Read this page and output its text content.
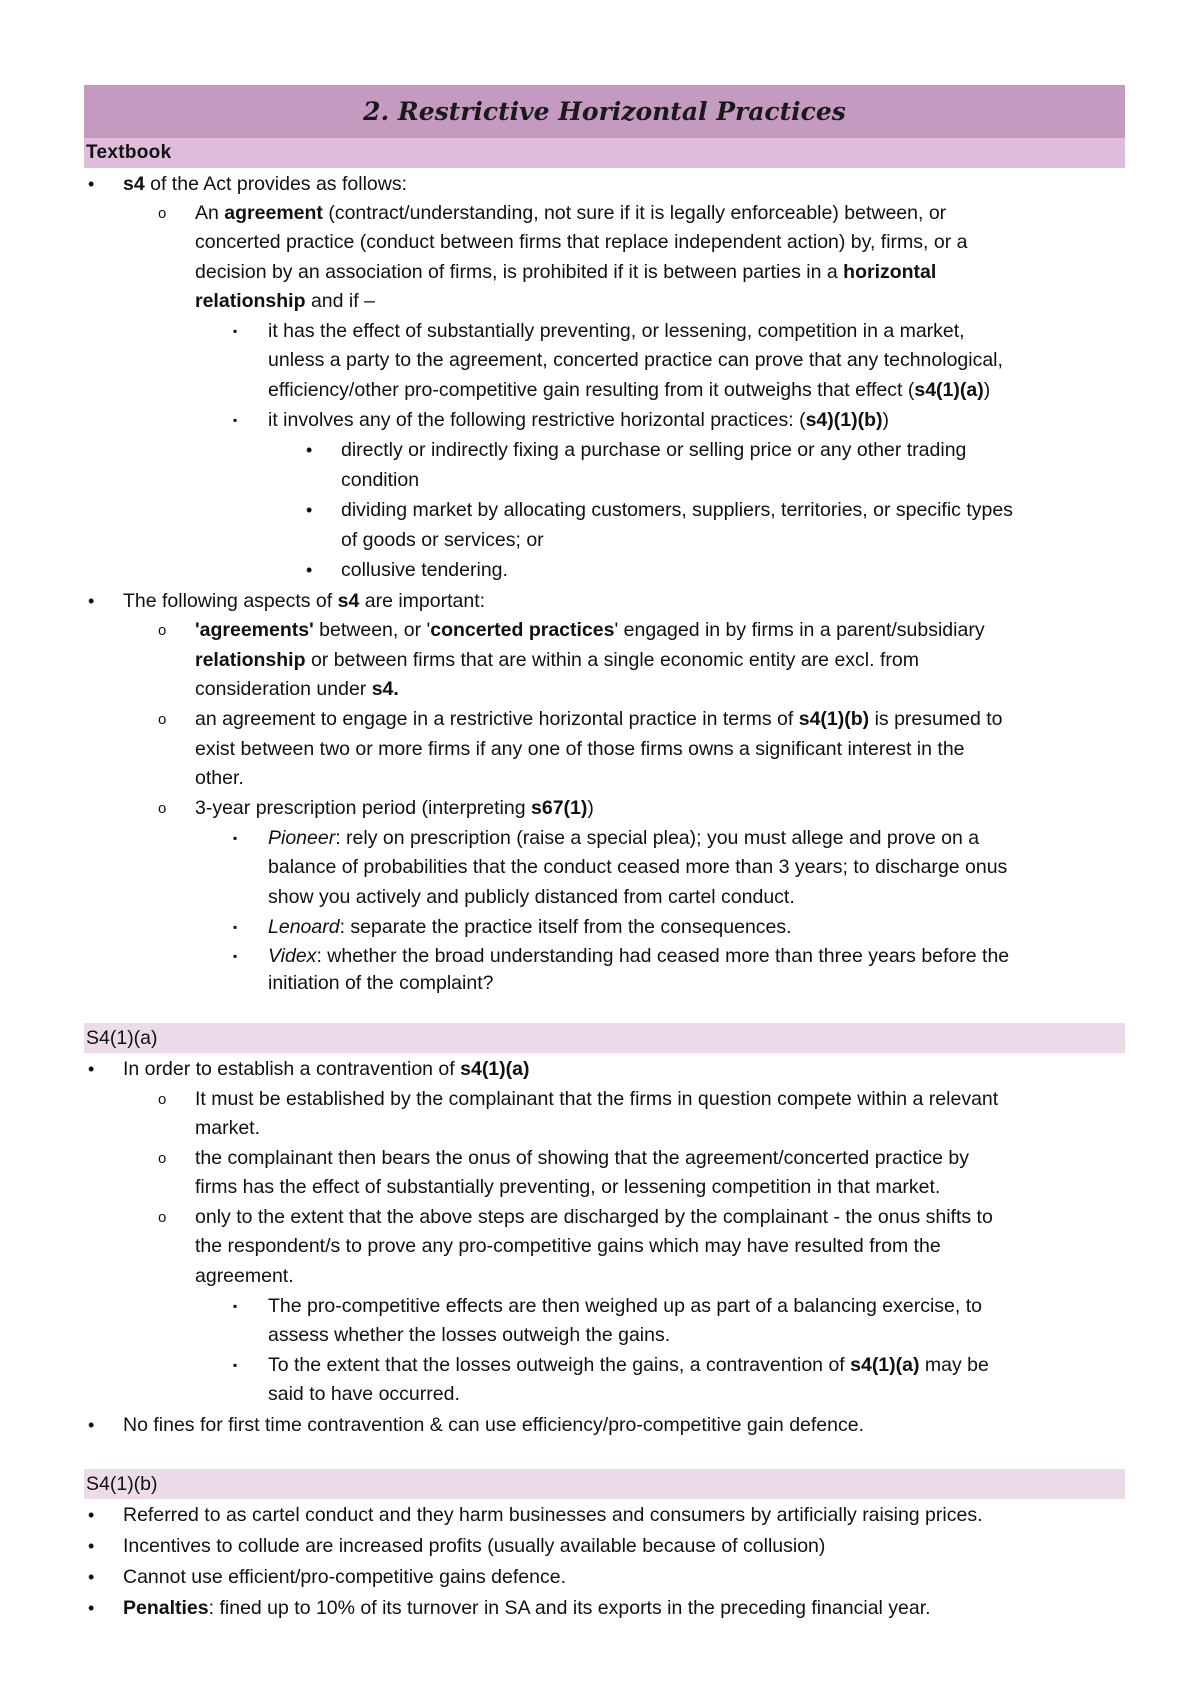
2. Restrictive Horizontal Practices
Textbook
• s4 of the Act provides as follows:
o An agreement (contract/understanding, not sure if it is legally enforceable) between, or
concerted practice (conduct between firms that replace independent action) by, firms, or a
decision by an association of firms, is prohibited if it is between parties in a horizontal
relationship and if –
▪ it has the effect of substantially preventing, or lessening, competition in a market,
unless a party to the agreement, concerted practice can prove that any technological,
efficiency/other pro-competitive gain resulting from it outweighs that effect (s4(1)(a))
▪ it involves any of the following restrictive horizontal practices: (s4)(1)(b))
• directly or indirectly fixing a purchase or selling price or any other trading
condition
• dividing market by allocating customers, suppliers, territories, or specific types
of goods or services; or
• collusive tendering.
• The following aspects of s4 are important:
o 'agreements' between, or 'concerted practices' engaged in by firms in a parent/subsidiary
relationship or between firms that are within a single economic entity are excl. from
consideration under s4.
o an agreement to engage in a restrictive horizontal practice in terms of s4(1)(b) is presumed to
exist between two or more firms if any one of those firms owns a significant interest in the
other.
o 3-year prescription period (interpreting s67(1))
▪ Pioneer: rely on prescription (raise a special plea); you must allege and prove on a
balance of probabilities that the conduct ceased more than 3 years; to discharge onus
show you actively and publicly distanced from cartel conduct.
▪ Lenoard: separate the practice itself from the consequences.
▪ Videx: whether the broad understanding had ceased more than three years before the
initiation of the complaint?
S4(1)(a)
• In order to establish a contravention of s4(1)(a)
o It must be established by the complainant that the firms in question compete within a relevant
market.
o the complainant then bears the onus of showing that the agreement/concerted practice by
firms has the effect of substantially preventing, or lessening competition in that market.
o only to the extent that the above steps are discharged by the complainant - the onus shifts to
the respondent/s to prove any pro-competitive gains which may have resulted from the
agreement.
▪ The pro-competitive effects are then weighed up as part of a balancing exercise, to
assess whether the losses outweigh the gains.
▪ To the extent that the losses outweigh the gains, a contravention of s4(1)(a) may be
said to have occurred.
• No fines for first time contravention & can use efficiency/pro-competitive gain defence.
S4(1)(b)
• Referred to as cartel conduct and they harm businesses and consumers by artificially raising prices.
• Incentives to collude are increased profits (usually available because of collusion)
• Cannot use efficient/pro-competitive gains defence.
• Penalties: fined up to 10% of its turnover in SA and its exports in the preceding financial year.
